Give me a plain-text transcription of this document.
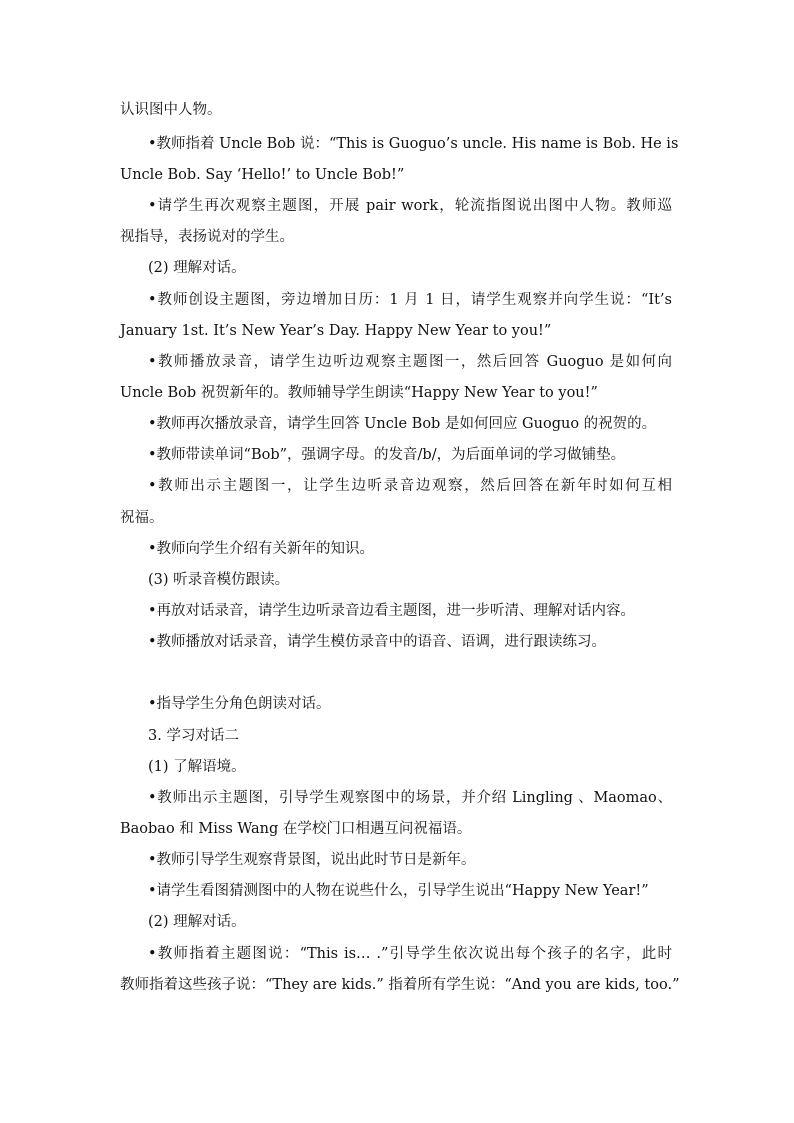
认识图中人物。
•教师指着 Uncle Bob 说：“This is Guoguo’s uncle. His name is Bob. He is
Uncle Bob. Say ‘Hello!’ to Uncle Bob!”
•请学生再次观察主题图，开展 pair work，轮流指图说出图中人物。教师巡
视指导，表扬说对的学生。
(2) 理解对话。
•教师创设主题图，旁边增加日历：1 月 1 日，请学生观察并向学生说：“It’s
January 1st. It’s New Year’s Day. Happy New Year to you!”
•教师播放录音，请学生边听边观察主题图一，然后回答 Guoguo 是如何向
Uncle Bob 祝贺新年的。教师辅导学生朗读“Happy New Year to you!”
•教师再次播放录音，请学生回答 Uncle Bob 是如何回应 Guoguo 的祝贺的。
•教师带读单词“Bob”，强调字母。的发音/b/，为后面单词的学习做铺垫。
•教师出示主题图一，让学生边听录音边观察，然后回答在新年时如何互相
祝福。
•教师向学生介绍有关新年的知识。
(3) 听录音模仿跟读。
•再放对话录音，请学生边听录音边看主题图，进一步听清、理解对话内容。
•教师播放对话录音，请学生模仿录音中的语音、语调，进行跟读练习。
•指导学生分角色朗读对话。
3. 学习对话二
(1) 了解语境。
•教师出示主题图，引导学生观察图中的场景，并介绍 Lingling 、Maomao、
Baobao 和 Miss Wang 在学校门口相遇互问祝福语。
•教师引导学生观察背景图，说出此时节日是新年。
•请学生看图猜测图中的人物在说些什么，引导学生说出“Happy New Year!”
(2) 理解对话。
•教师指着主题图说：“This is… .”引导学生依次说出每个孩子的名字，此时
教师指着这些孩子说：“They are kids.” 指着所有学生说：“And you are kids, too.”
